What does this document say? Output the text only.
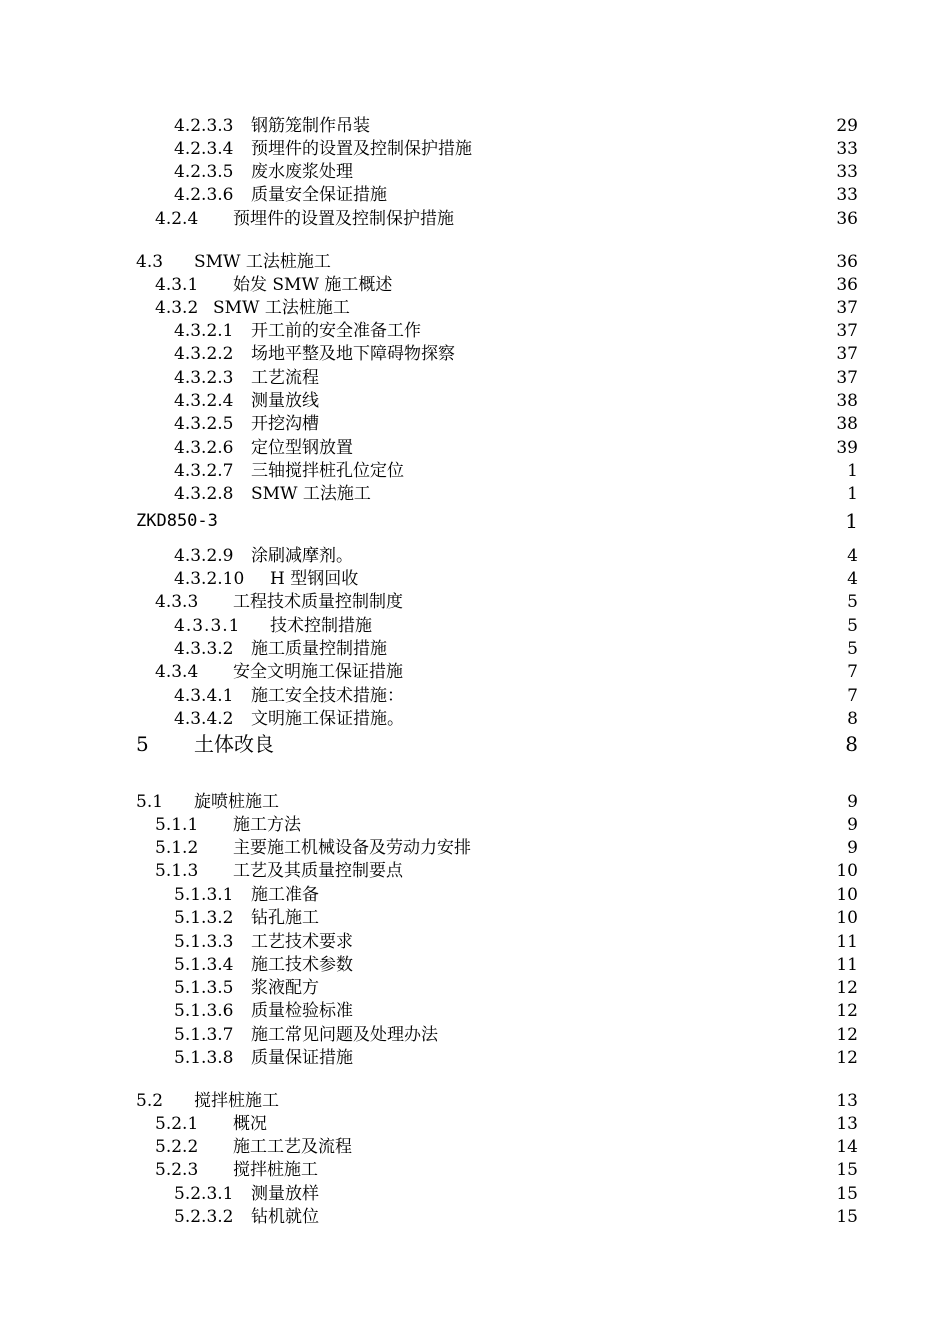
4.2.3.3 钢筋笼制作吊装	29
4.2.3.4 预埋件的设置及控制保护措施	33
4.2.3.5 废水废浆处理	33
4.2.3.6 质量安全保证措施	33
4.2.4 预埋件的设置及控制保护措施	36
4.3 SMW 工法桩施工	36
4.3.1 始发 SMW 施工概述	36
4.3.2 SMW 工法桩施工	37
4.3.2.1 开工前的安全准备工作	37
4.3.2.2 场地平整及地下障碍物探察	37
4.3.2.3 工艺流程	37
4.3.2.4 测量放线	38
4.3.2.5 开挖沟槽	38
4.3.2.6 定位型钢放置	39
4.3.2.7 三轴搅拌桩孔位定位	1
4.3.2.8 SMW 工法施工	1
ZKD850-3	1
4.3.2.9 涂刷减摩剂。	4
4.3.2.10 H 型钢回收	4
4.3.3 工程技术质量控制制度	5
4.3.3.1 技术控制措施	5
4.3.3.2 施工质量控制措施	5
4.3.4 安全文明施工保证措施	7
4.3.4.1 施工安全技术措施：	7
4.3.4.2 文明施工保证措施。	8
5 土体改良	8
5.1 旋喷桩施工	9
5.1.1 施工方法	9
5.1.2 主要施工机械设备及劳动力安排	9
5.1.3 工艺及其质量控制要点	10
5.1.3.1 施工准备	10
5.1.3.2 钻孔施工	10
5.1.3.3 工艺技术要求	11
5.1.3.4 施工技术参数	11
5.1.3.5 浆液配方	12
5.1.3.6 质量检验标准	12
5.1.3.7 施工常见问题及处理办法	12
5.1.3.8 质量保证措施	12
5.2 搅拌桩施工	13
5.2.1 概况	13
5.2.2 施工工艺及流程	14
5.2.3 搅拌桩施工	15
5.2.3.1 测量放样	15
5.2.3.2 钻机就位	15
